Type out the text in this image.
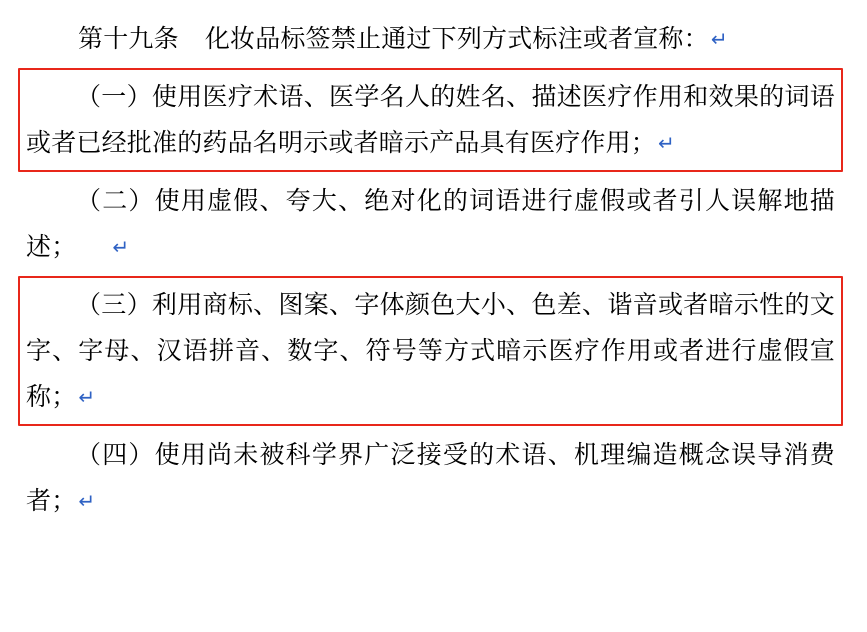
第十九条 化妆品标签禁止通过下列方式标注或者宣称： ↵

（一）使用医疗术语、医学名人的姓名、描述医疗作用和效果的词语或者已经批准的药品名明示或者暗示产品具有医疗作用； ↵

（二）使用虚假、夸大、绝对化的词语进行虚假或者引人误解地描述； ↵

（三）利用商标、图案、字体颜色大小、色差、谐音或者暗示性的文字、字母、汉语拼音、数字、符号等方式暗示医疗作用或者进行虚假宣称； ↵

（四）使用尚未被科学界广泛接受的术语、机理编造概念误导消费者； ↵
